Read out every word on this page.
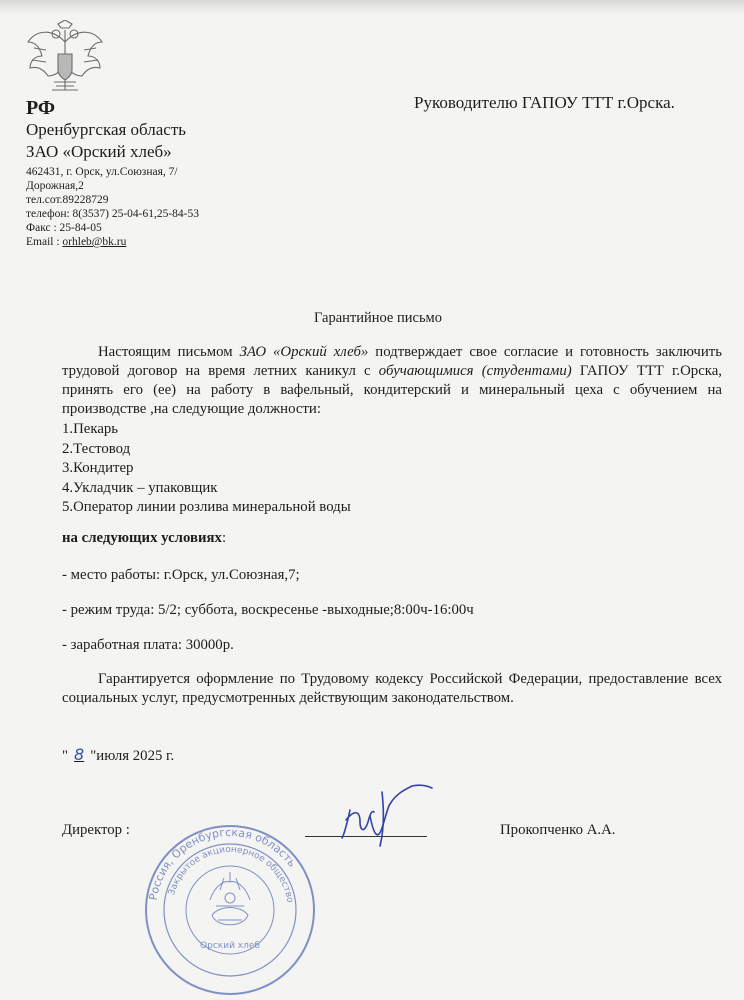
РФ
Оренбургская область
ЗАО «Орский хлеб»
462431, г. Орск, ул.Союзная, 7/
Дорожная,2
тел.сот.89228729
телефон: 8(3537) 25-04-61,25-84-53
Факс : 25-84-05
Email : orhleb@bk.ru
Руководителю ГАПОУ ТТТ г.Орска.
Гарантийное письмо
Настоящим письмом ЗАО «Орский хлеб» подтверждает свое согласие и готовность заключить трудовой договор на время летних каникул с обучающимися (студентами) ГАПОУ ТТТ г.Орска, принять его (ее) на работу в вафельный, кондитерский и минеральный цеха с обучением на производстве ,на следующие должности:
1.Пекарь
2.Тестовод
3.Кондитер
4.Укладчик – упаковщик
5.Оператор линии розлива минеральной воды
на следующих условиях:
- место работы: г.Орск, ул.Союзная,7;
- режим труда: 5/2; суббота, воскресенье -выходные;8:00ч-16:00ч
- заработная плата: 30000р.
Гарантируется оформление по Трудовому кодексу Российской Федерации, предоставление всех социальных услуг, предусмотренных действующим законодательством.
" 8 "июля 2025 г.
Россия, Оренбургская область
Закрытое акционерное общество
Орский хлеб
Директор :	Прокопченко А.А.
